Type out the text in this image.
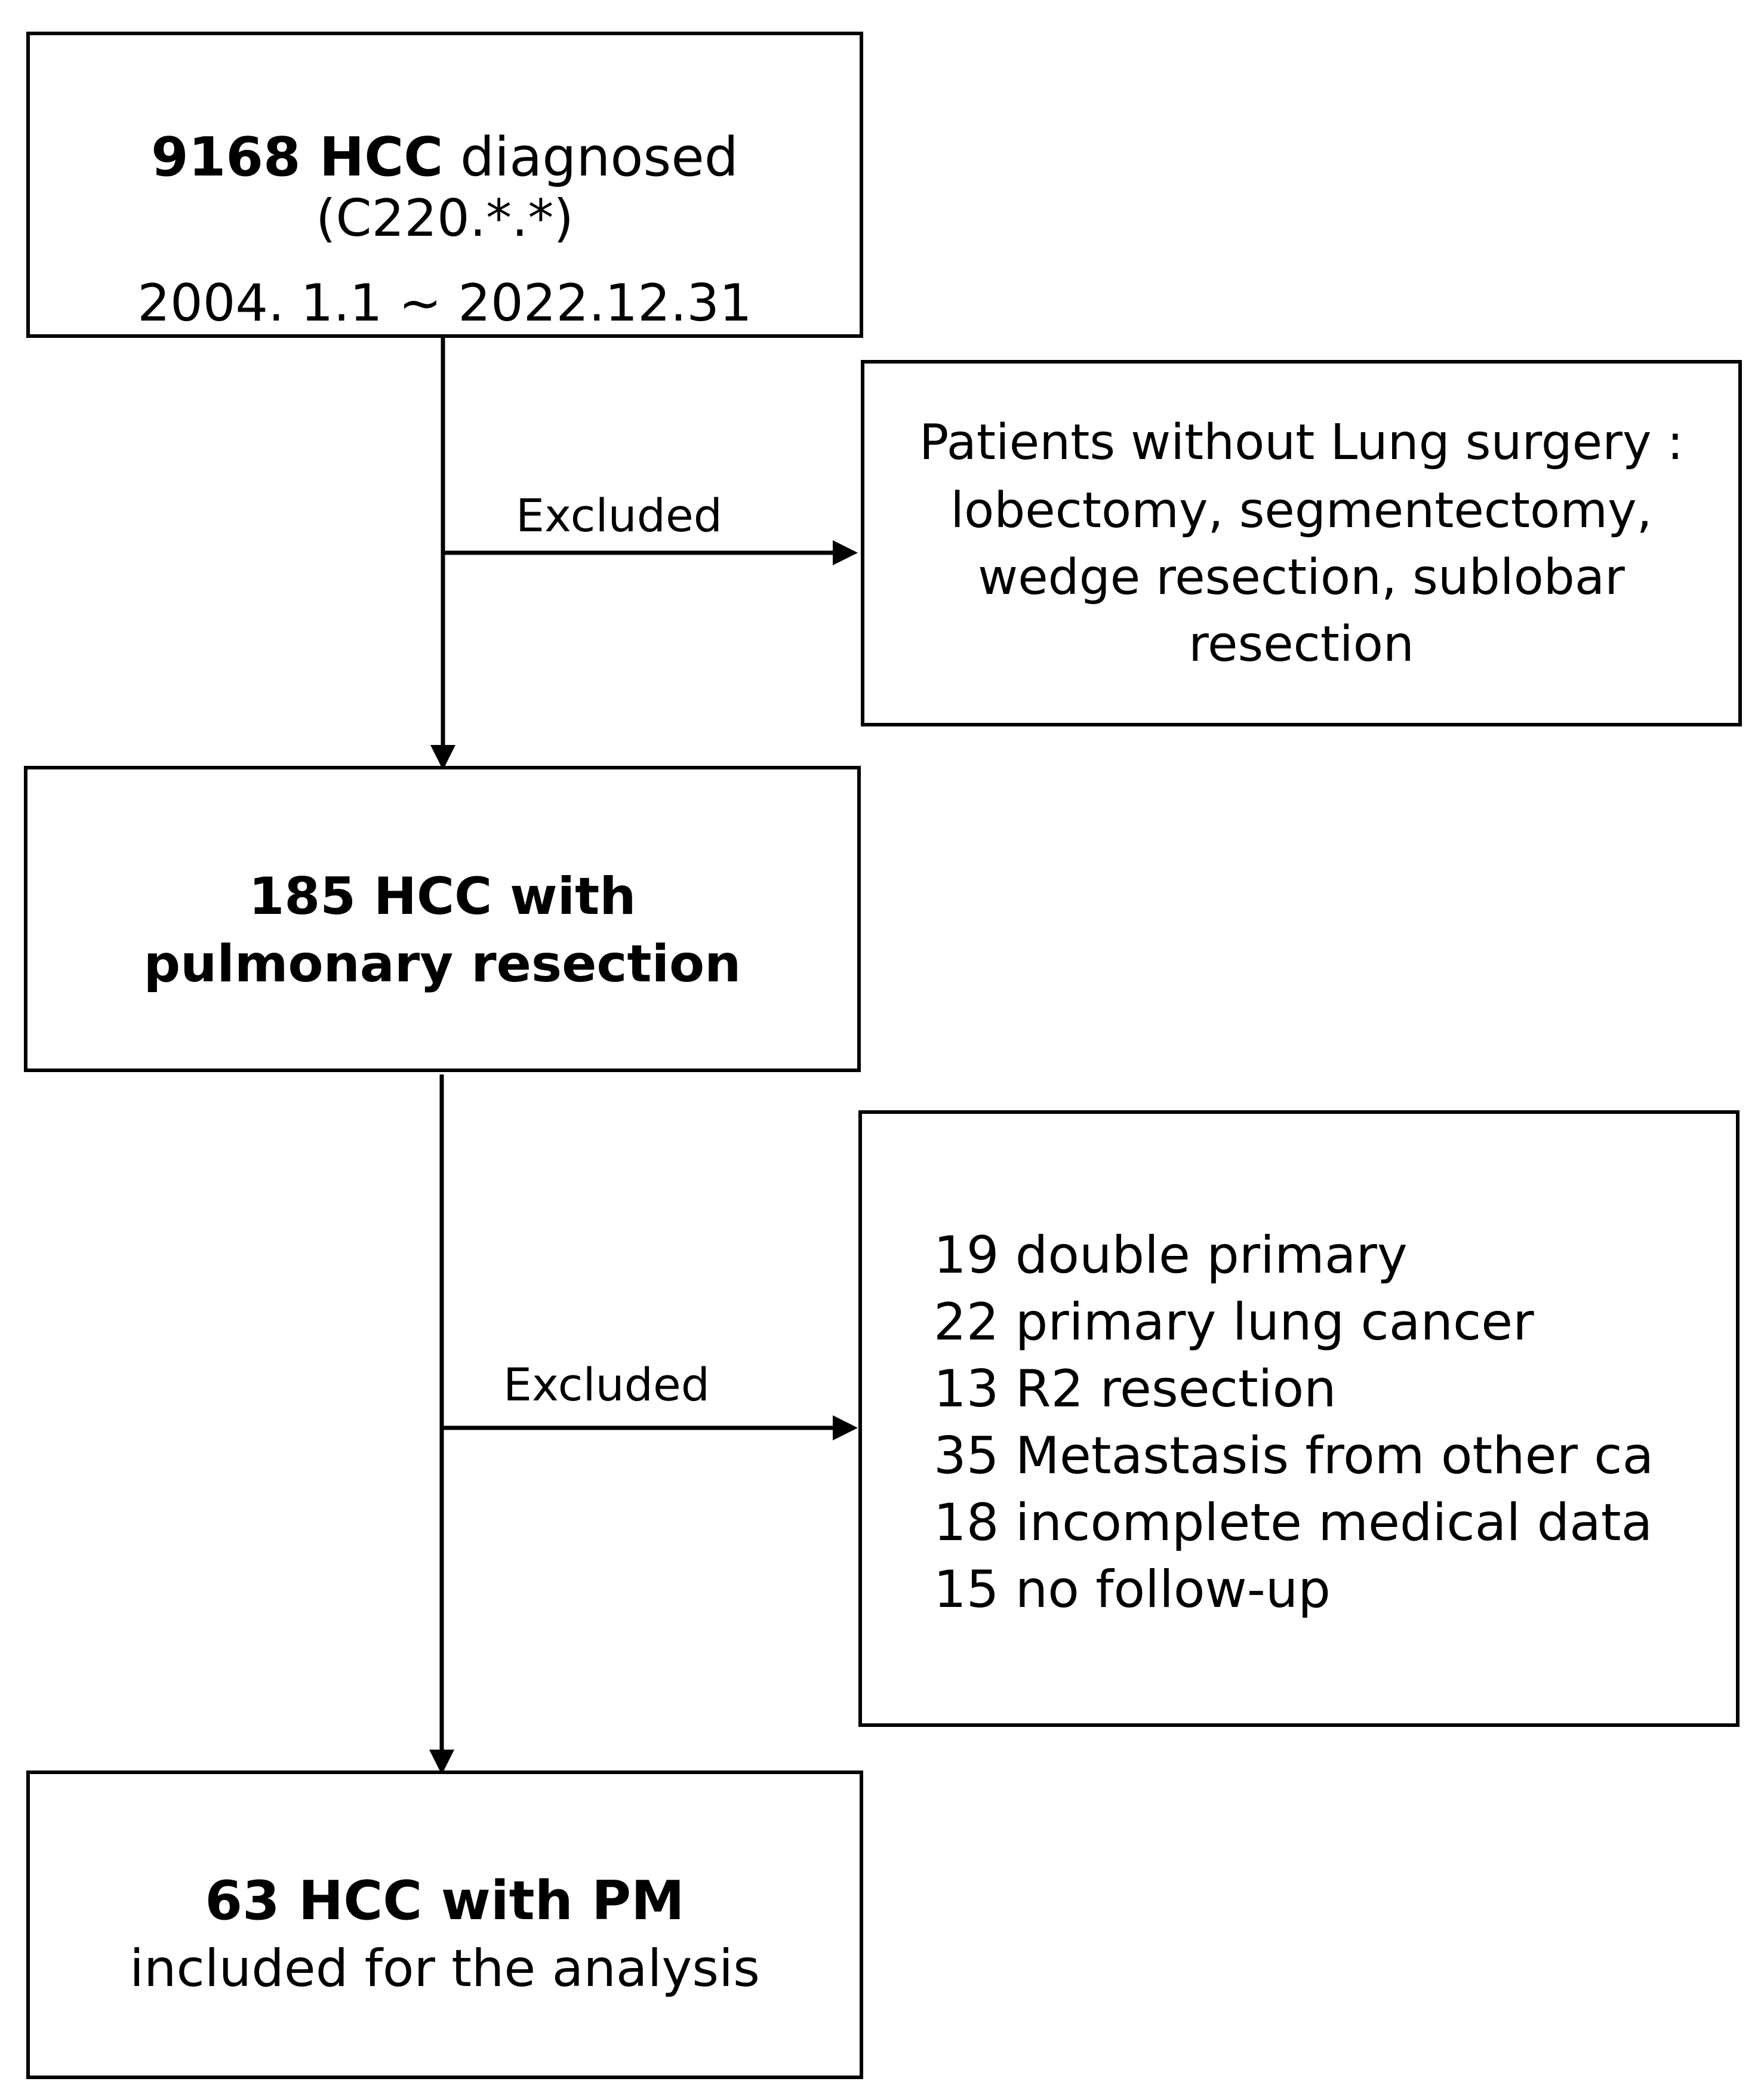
Excluded
Excluded
9168 HCC diagnosed
(C220.*.*)
2004. 1.1 ~ 2022.12.31
Patients without Lung surgery :
lobectomy, segmentectomy,
wedge resection, sublobar
resection
185 HCC with
pulmonary resection
19 double primary
22 primary lung cancer
13 R2 resection
35 Metastasis from other ca
18 incomplete medical data
15 no follow-up
63 HCC with PM
included for the analysis
